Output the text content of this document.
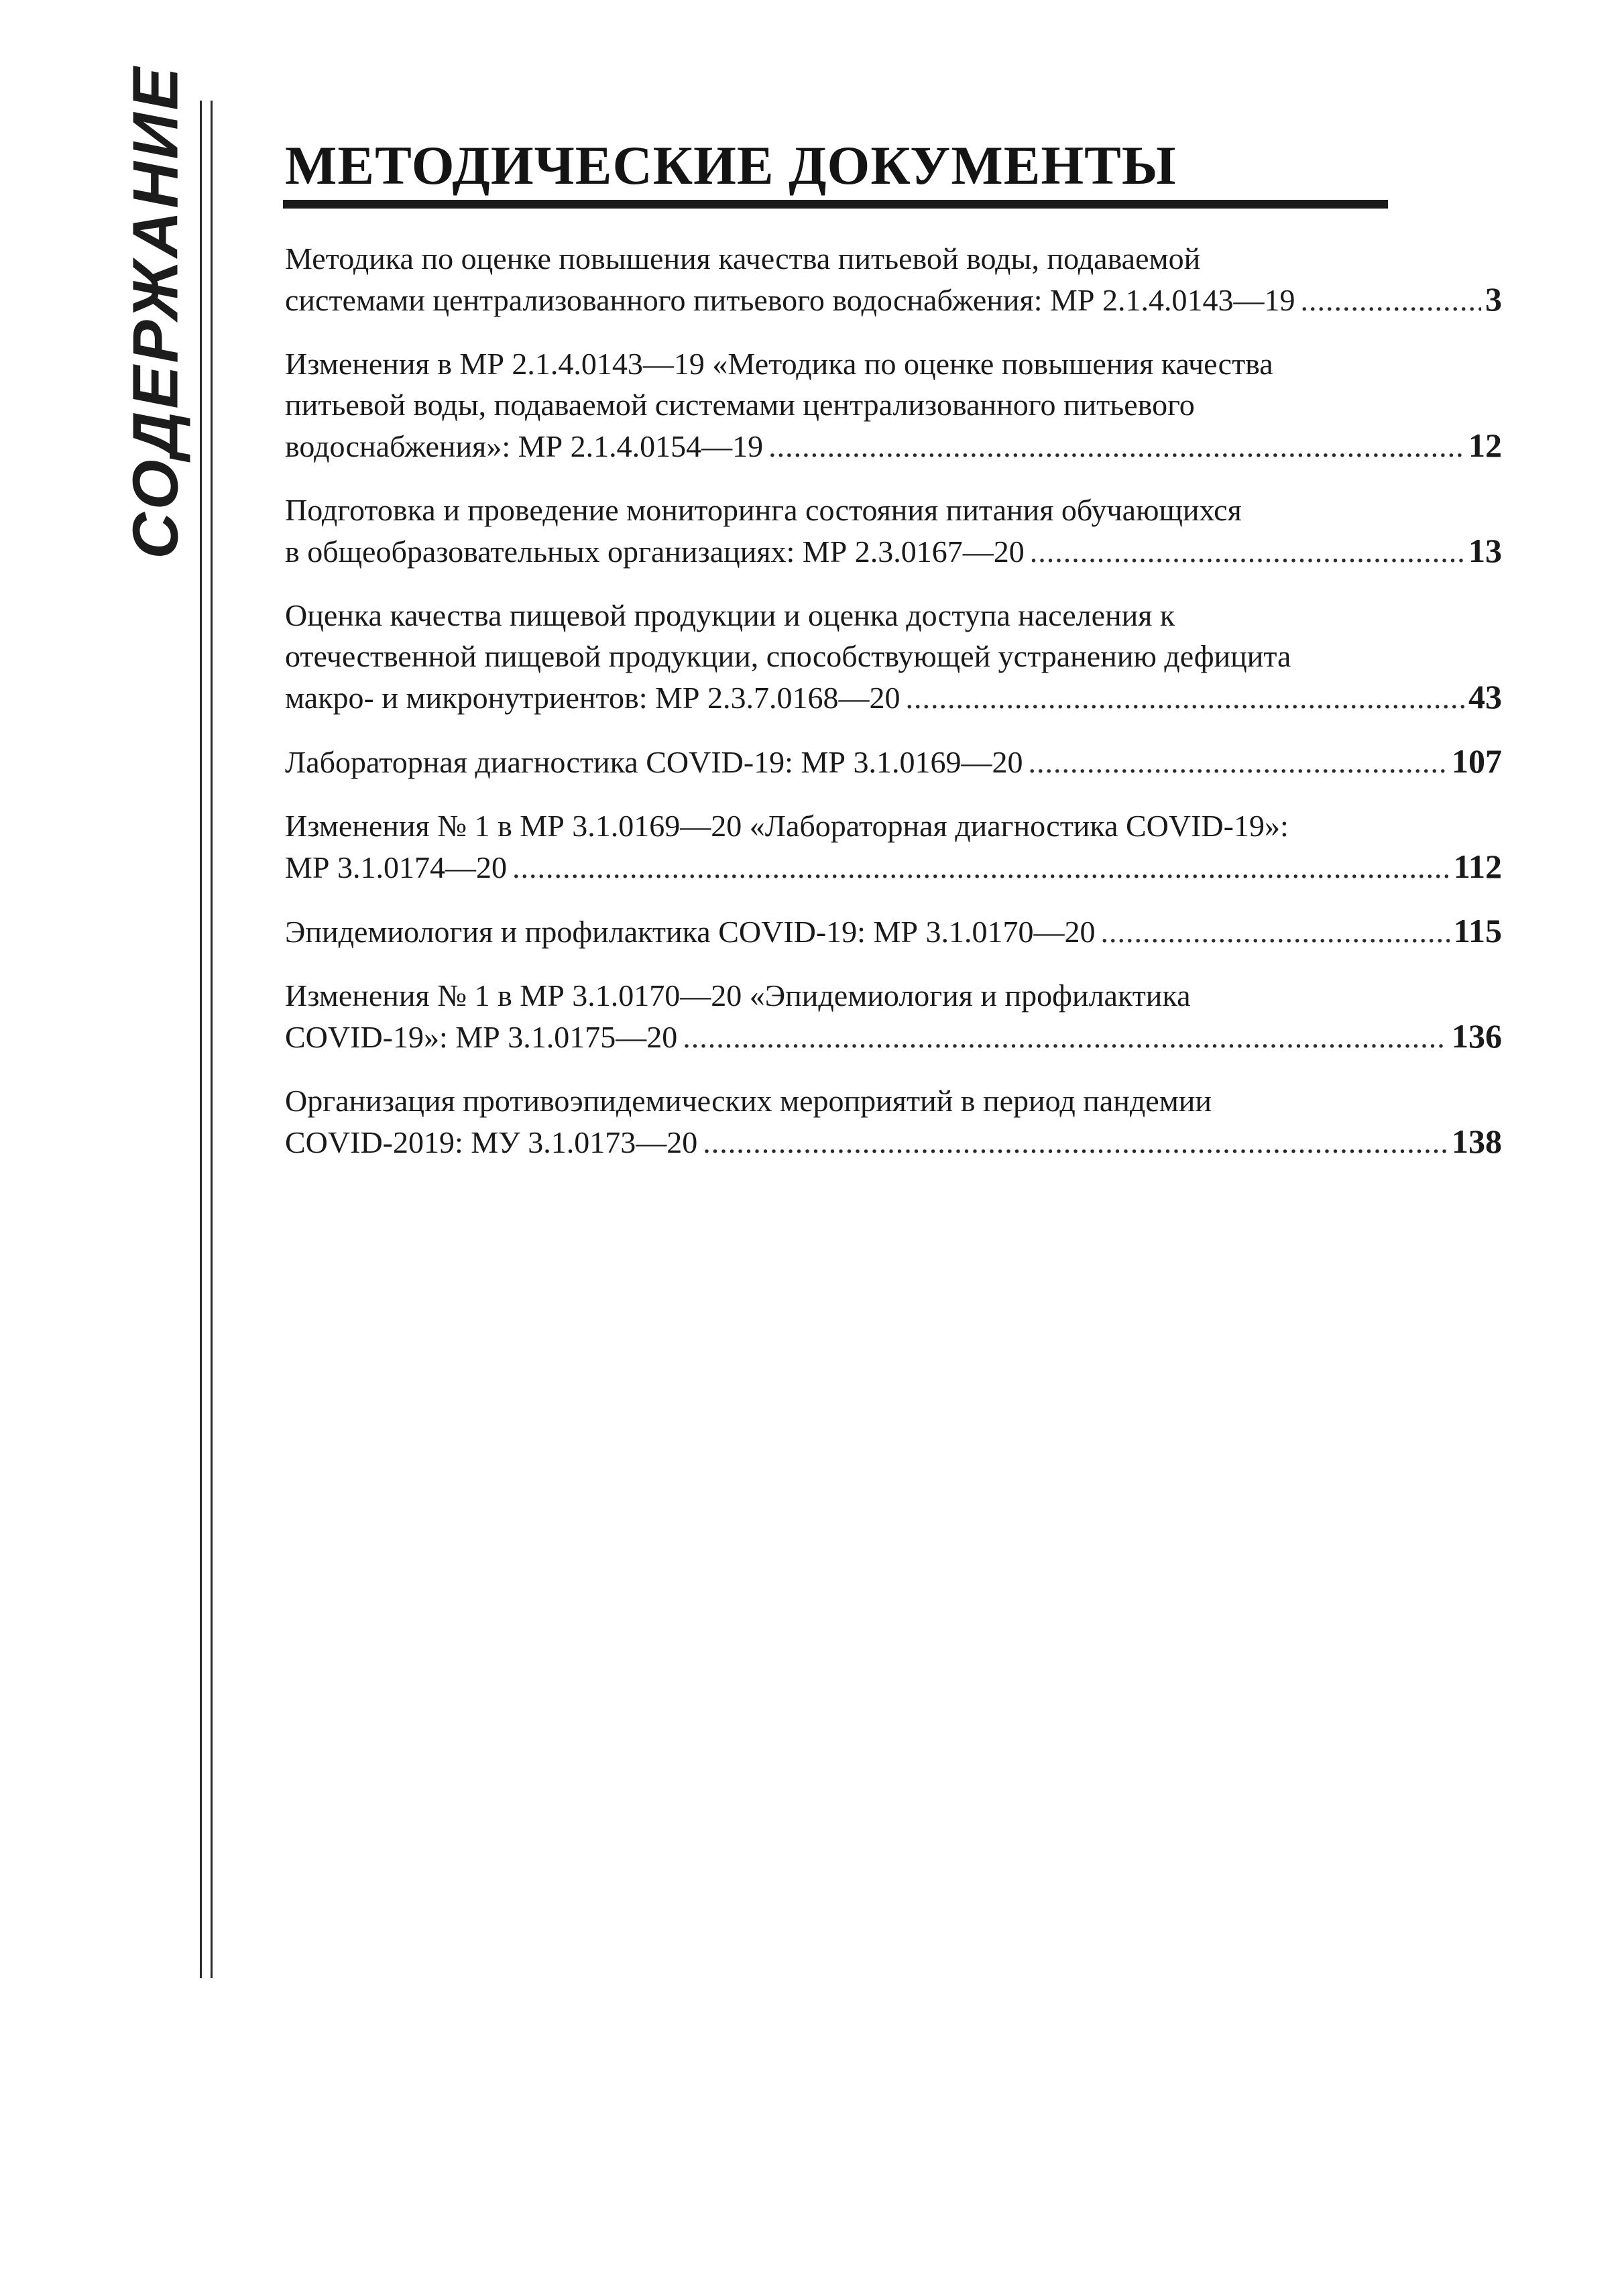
СОДЕРЖАНИЕ МЕТОДИЧЕСКИЕ ДОКУМЕНТЫ
Методика по оценке повышения качества питьевой воды, подаваемой
системами централизованного питьевого водоснабжения: МР 2.1.4.0143—19 .....	3
Изменения в МР 2.1.4.0143—19 «Методика по оценке повышения качества
питьевой воды, подаваемой системами централизованного питьевого
водоснабжения»: МР 2.1.4.0154—19 .....	12
Подготовка и проведение мониторинга состояния питания обучающихся
в общеобразовательных организациях: МР 2.3.0167—20 .....	13
Оценка качества пищевой продукции и оценка доступа населения к
отечественной пищевой продукции, способствующей устранению дефицита
макро- и микронутриентов: МР 2.3.7.0168—20 .....	43
Лабораторная диагностика COVID-19: МР 3.1.0169—20 .....	107
Изменения № 1 в МР 3.1.0169—20 «Лабораторная диагностика COVID-19»:
МР 3.1.0174—20 .....	112
Эпидемиология и профилактика COVID-19: МР 3.1.0170—20 .....	115
Изменения № 1 в МР 3.1.0170—20 «Эпидемиология и профилактика
COVID-19»: МР 3.1.0175—20 .....	136
Организация противоэпидемических мероприятий в период пандемии
COVID-2019: МУ 3.1.0173—20 .....	138
